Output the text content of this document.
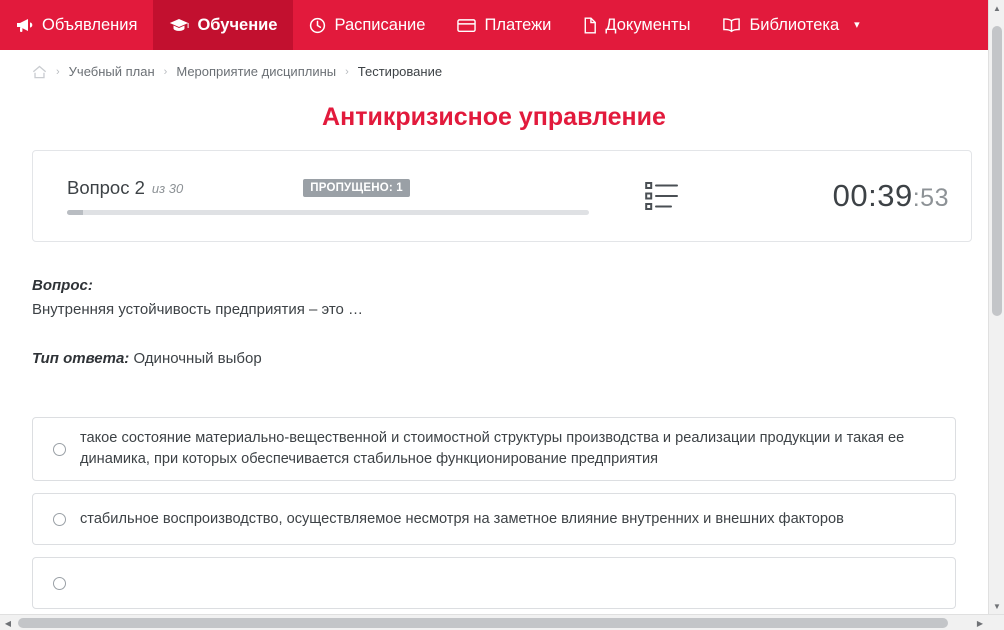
Объявления	Обучение	Расписание	Платежи	Документы	Библиотека ▾
› Учебный план › Мероприятие дисциплины › Тестирование
Антикризисное управление
Вопрос 2 из 30	ПРОПУЩЕНО: 1	00:39:53
Вопрос:
Внутренняя устойчивость предприятия – это …
Тип ответа: Одиночный выбор
такое состояние материально-вещественной и стоимостной структуры производства и реализации продукции и такая ее динамика, при которых обеспечивается стабильное функционирование предприятия
стабильное воспроизводство, осуществляемое несмотря на заметное влияние внутренних и внешних факторов
▲
▼
◀	▶
